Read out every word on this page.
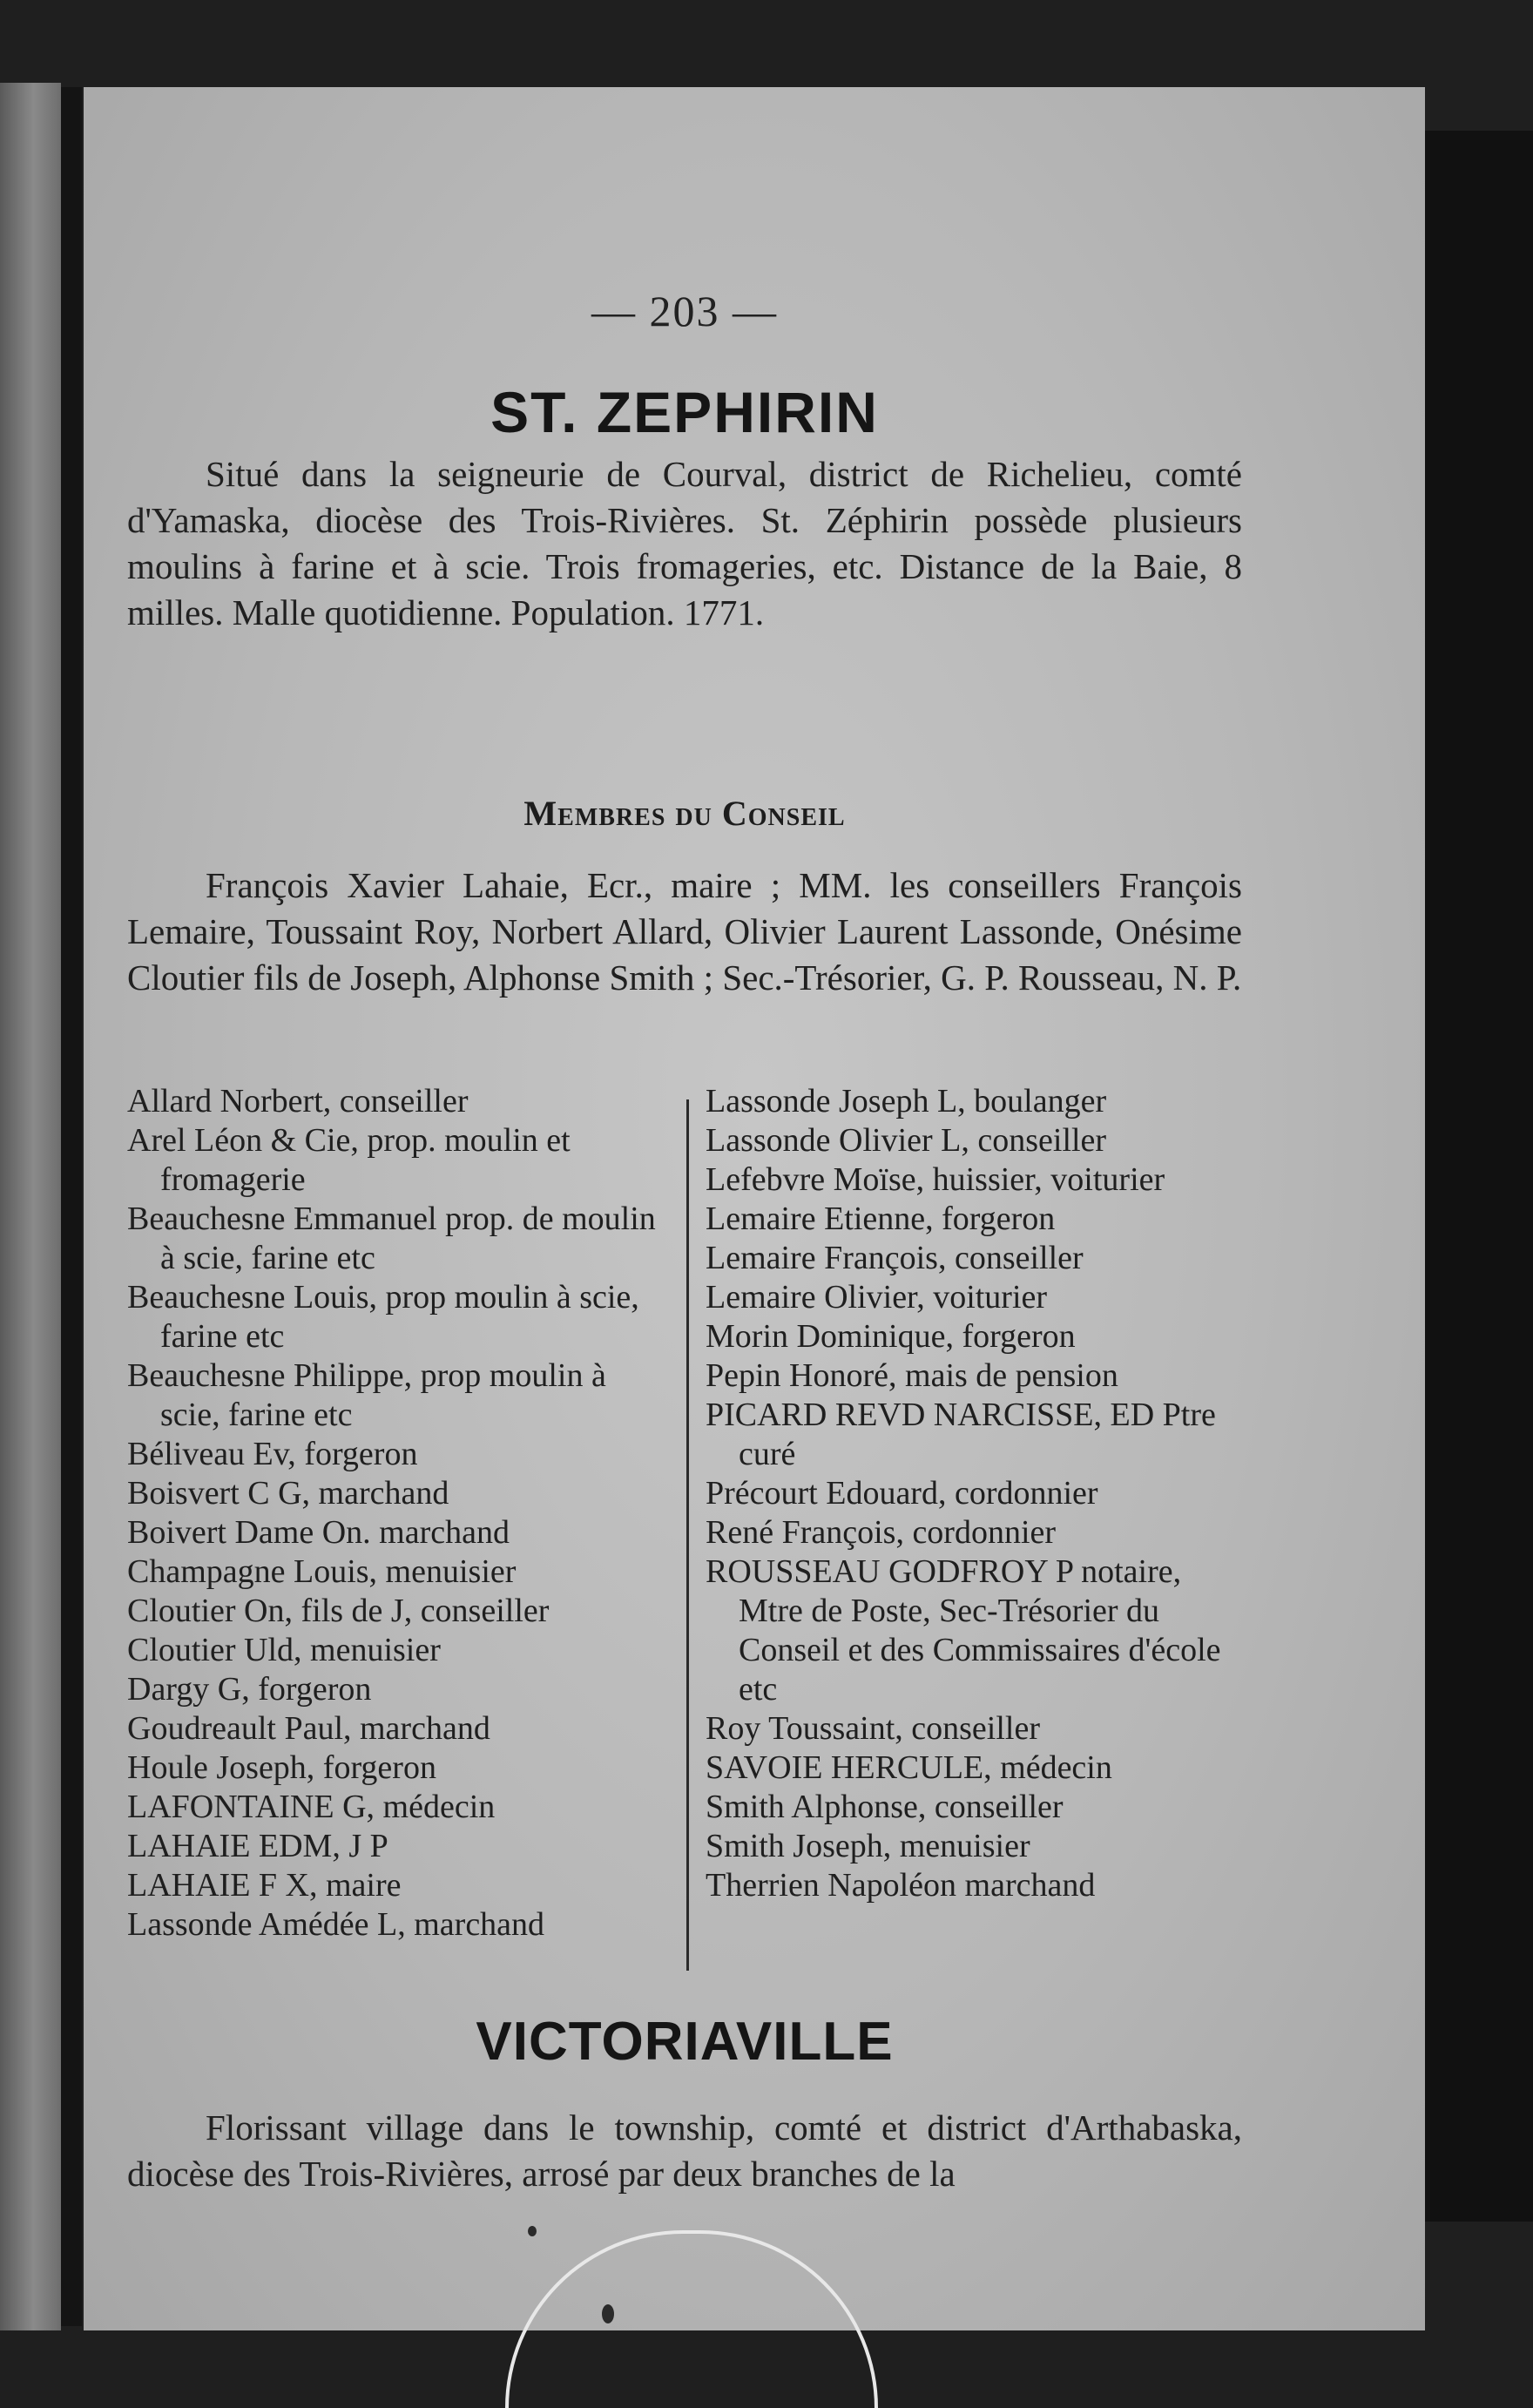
— 203 —
ST. ZEPHIRIN
Situé dans la seigneurie de Courval, district de Richelieu, comté d'Yamaska, diocèse des Trois-Rivières. St. Zéphirin possède plusieurs moulins à farine et à scie. Trois fromageries, etc. Distance de la Baie, 8 milles. Malle quotidienne. Population. 1771.
Membres du Conseil
François Xavier Lahaie, Ecr., maire ; MM. les conseillers François Lemaire, Toussaint Roy, Norbert Allard, Olivier Laurent Lassonde, Onésime Cloutier fils de Joseph, Alphonse Smith ; Sec.-Trésorier, G. P. Rousseau, N. P.
Allard Norbert, conseiller
Arel Léon & Cie, prop. moulin et fromagerie
Beauchesne Emmanuel prop. de moulin à scie, farine etc
Beauchesne Louis, prop moulin à scie, farine etc
Beauchesne Philippe, prop moulin à scie, farine etc
Béliveau Ev, forgeron
Boisvert C G, marchand
Boivert Dame On. marchand
Champagne Louis, menuisier
Cloutier On, fils de J, conseiller
Cloutier Uld, menuisier
Dargy G, forgeron
Goudreault Paul, marchand
Houle Joseph, forgeron
LAFONTAINE G, médecin
LAHAIE EDM, J P
LAHAIE F X, maire
Lassonde Amédée L, marchand
Lassonde Joseph L, boulanger
Lassonde Olivier L, conseiller
Lefebvre Moïse, huissier, voiturier
Lemaire Etienne, forgeron
Lemaire François, conseiller
Lemaire Olivier, voiturier
Morin Dominique, forgeron
Pepin Honoré, mais de pension
PICARD REVD NARCISSE, ED Ptre curé
Précourt Edouard, cordonnier
René François, cordonnier
ROUSSEAU GODFROY P notaire, Mtre de Poste, Sec-Trésorier du Conseil et des Commissaires d'école etc
Roy Toussaint, conseiller
SAVOIE HERCULE, médecin
Smith Alphonse, conseiller
Smith Joseph, menuisier
Therrien Napoléon marchand
VICTORIAVILLE
Florissant village dans le township, comté et district d'Arthabaska, diocèse des Trois-Rivières, arrosé par deux branches de la
